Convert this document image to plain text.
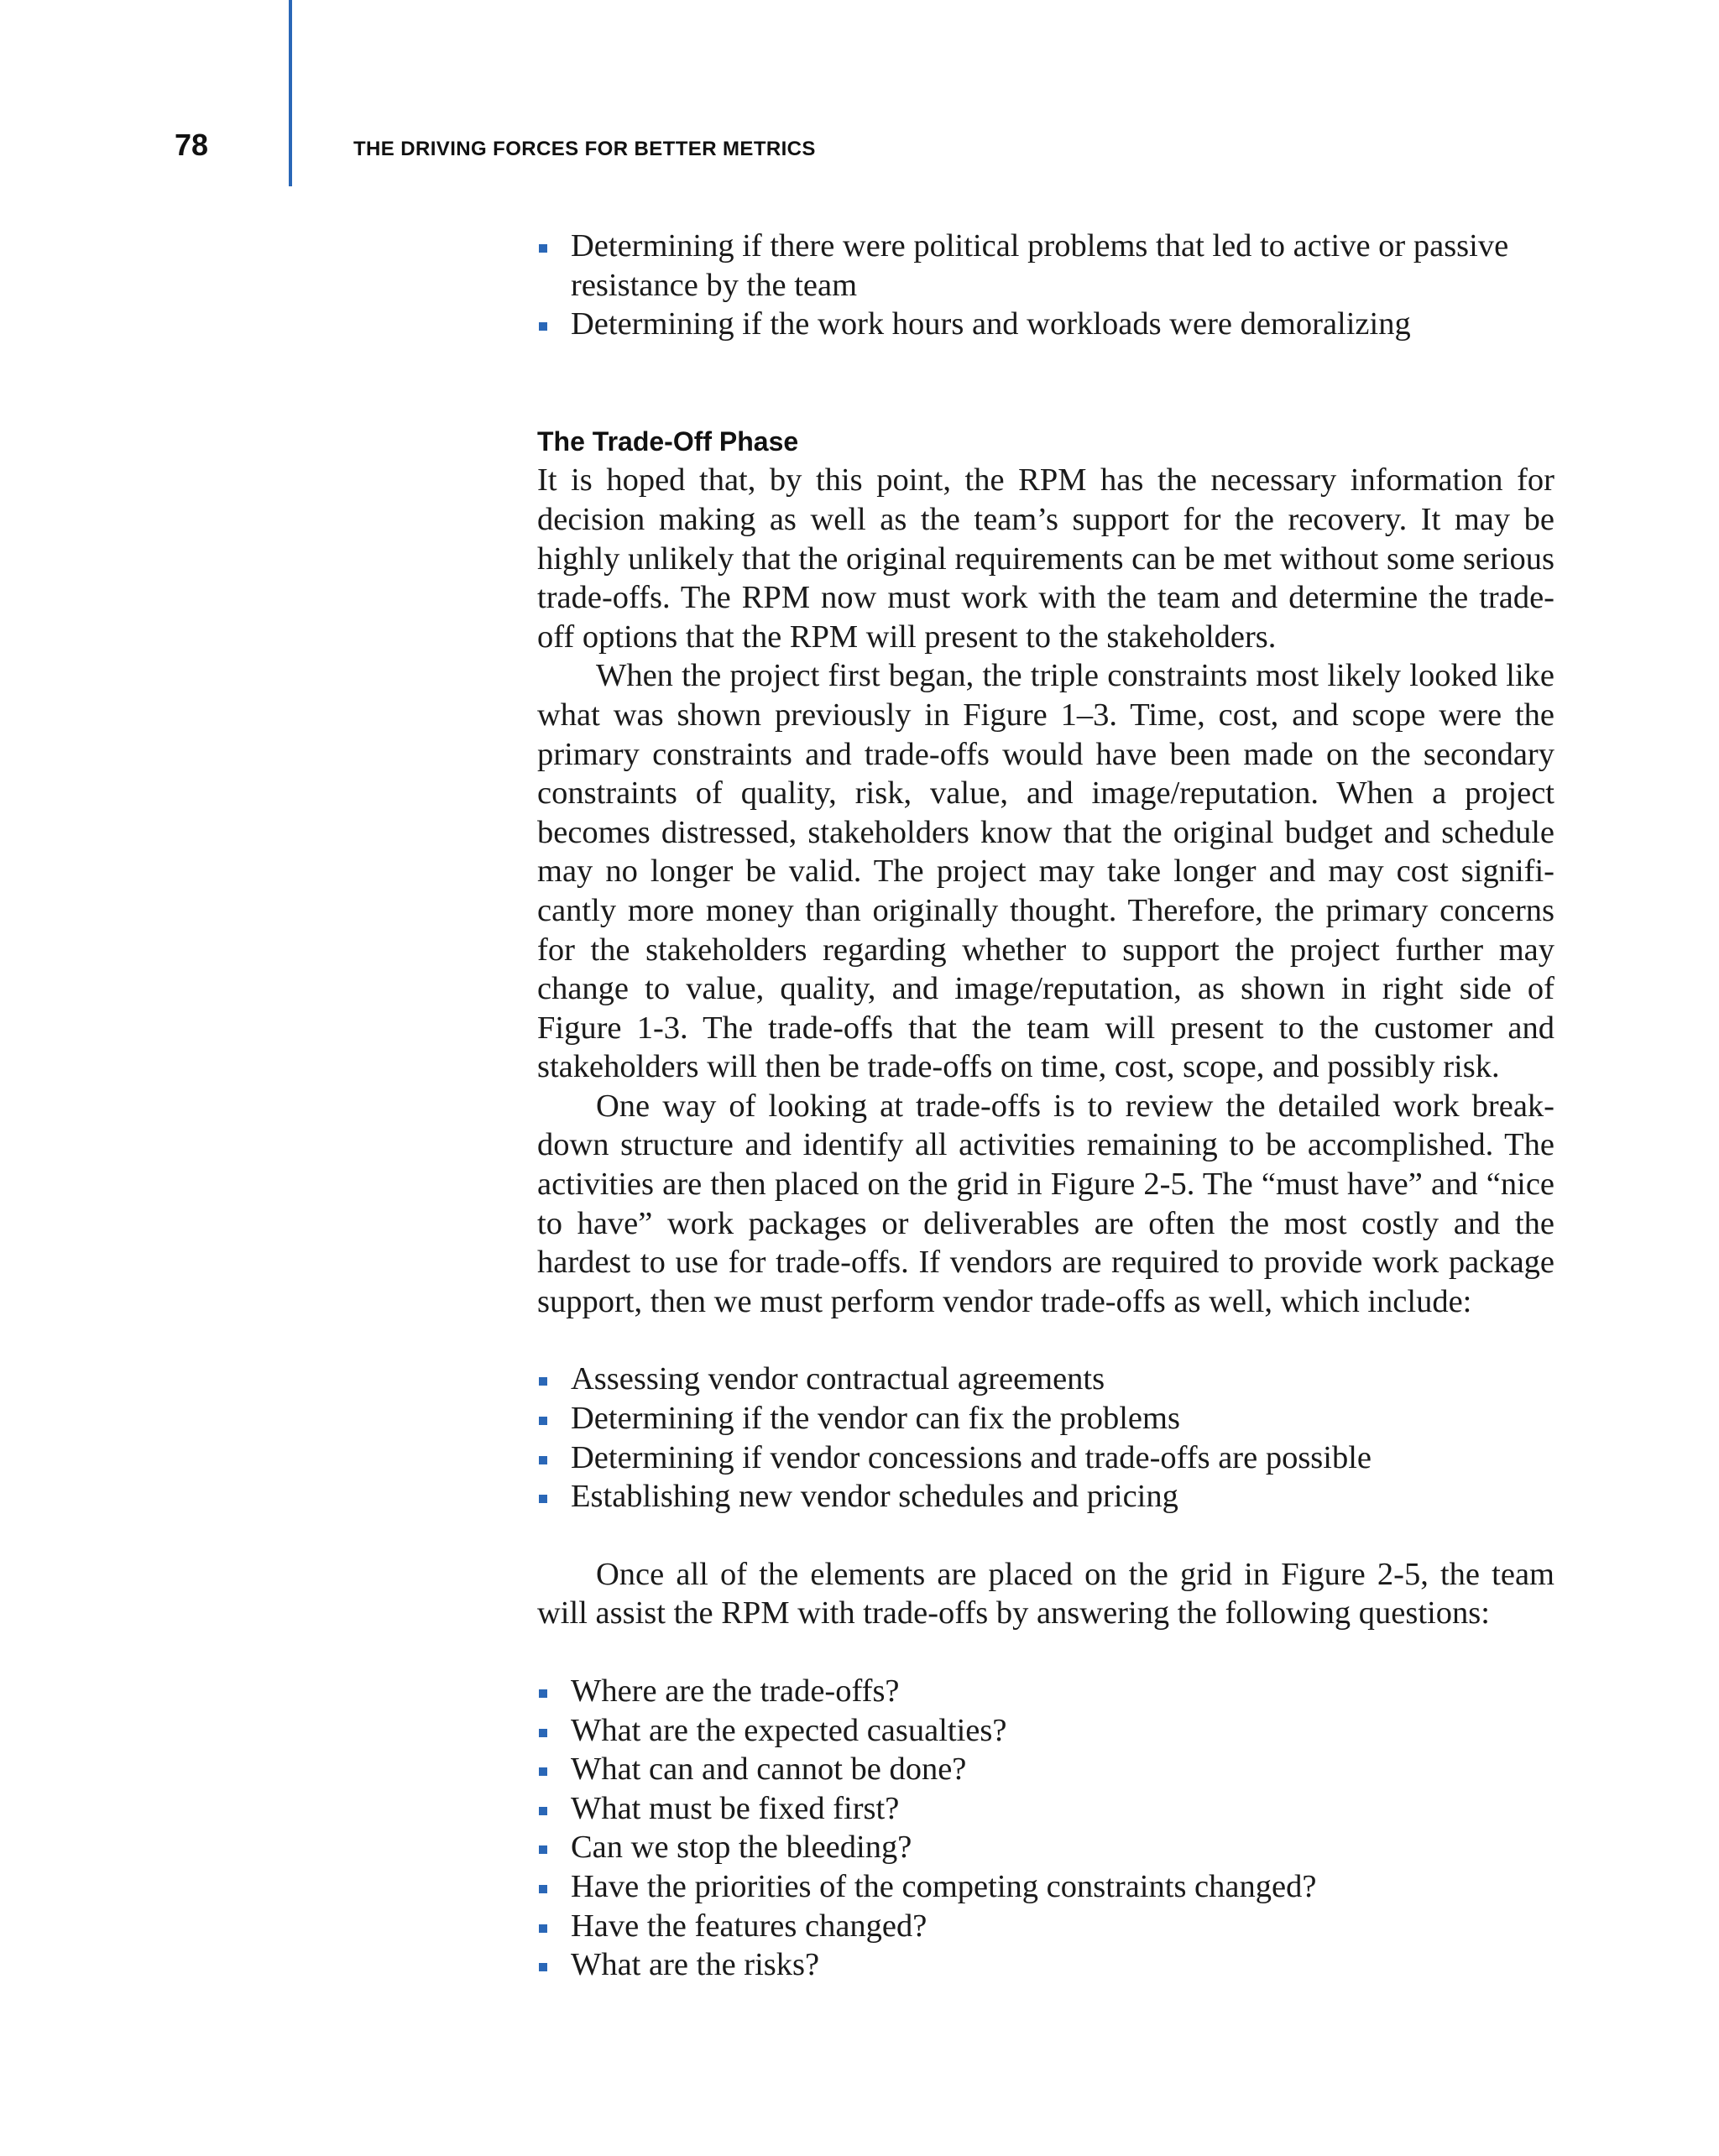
78	THE DRIVING FORCES FOR BETTER METRICS
Determining if there were political problems that led to active or passive resistance by the team
Determining if the work hours and workloads were demoralizing
The Trade-Off Phase

It is hoped that, by this point, the RPM has the necessary information for decision making as well as the team’s support for the recovery. It may be highly unlikely that the original requirements can be met without some serious trade-offs. The RPM now must work with the team and determine the trade-off options that the RPM will present to the stakeholders.

When the project first began, the triple constraints most likely looked like what was shown previously in Figure 1–3. Time, cost, and scope were the primary constraints and trade-offs would have been made on the secondary constraints of quality, risk, value, and image/reputation. When a project becomes distressed, stakeholders know that the original budget and schedule may no longer be valid. The project may take longer and may cost significantly more money than originally thought. Therefore, the primary concerns for the stakeholders regarding whether to support the project further may change to value, quality, and image/reputation, as shown in right side of Figure 1-3. The trade-offs that the team will present to the customer and stakeholders will then be trade-offs on time, cost, scope, and possibly risk.

One way of looking at trade-offs is to review the detailed work breakdown structure and identify all activities remaining to be accomplished. The activities are then placed on the grid in Figure 2-5. The “must have” and “nice to have” work packages or deliverables are often the most costly and the hardest to use for trade-offs. If vendors are required to provide work package support, then we must perform vendor trade-offs as well, which include:

Assessing vendor contractual agreements
Determining if the vendor can fix the problems
Determining if vendor concessions and trade-offs are possible
Establishing new vendor schedules and pricing

Once all of the elements are placed on the grid in Figure 2-5, the team will assist the RPM with trade-offs by answering the following questions:

Where are the trade-offs?
What are the expected casualties?
What can and cannot be done?
What must be fixed first?
Can we stop the bleeding?
Have the priorities of the competing constraints changed?
Have the features changed?
What are the risks?
